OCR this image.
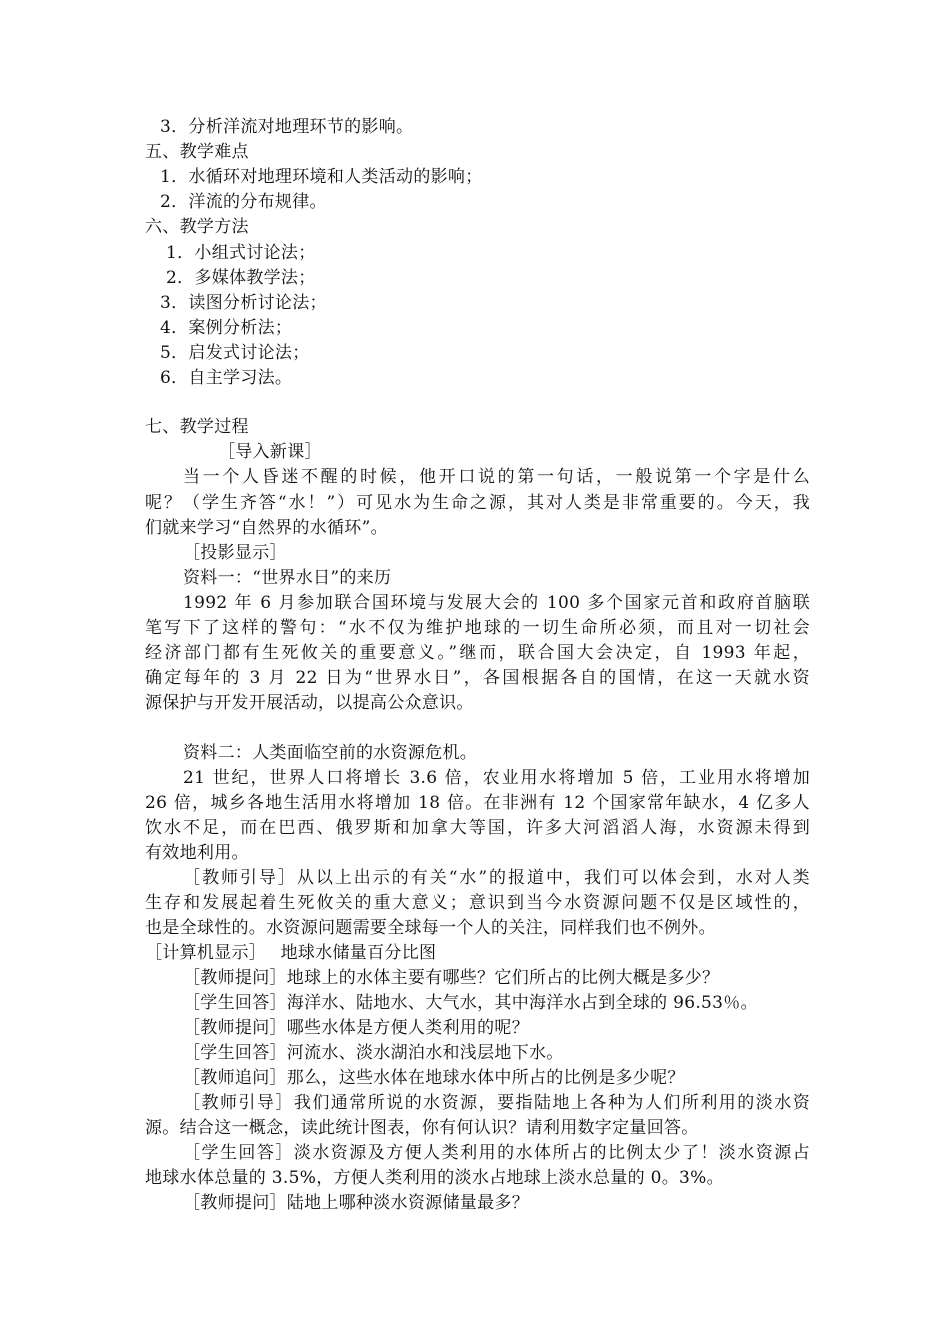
3．分析洋流对地理环节的影响。
五、教学难点
1．水循环对地理环境和人类活动的影响；
2．洋流的分布规律。
六、教学方法
1．小组式讨论法；
2．多媒体教学法；
3．读图分析讨论法；
4．案例分析法；
5．启发式讨论法；
6．自主学习法。
七、教学过程
［导入新课］
当一个人昏迷不醒的时候，他开口说的第一句话，一般说第一个字是什么
呢？（学生齐答“水！”）可见水为生命之源，其对人类是非常重要的。今天，我
们就来学习“自然界的水循环”。
［投影显示］
资料一：“世界水日”的来历
1992 年 6 月参加联合国环境与发展大会的 100 多个国家元首和政府首脑联
笔写下了这样的警句：“水不仅为维护地球的一切生命所必须，而且对一切社会
经济部门都有生死攸关的重要意义。”继而，联合国大会决定，自 1993 年起，
确定每年的 3 月 22 日为“世界水日”，各国根据各自的国情，在这一天就水资
源保护与开发开展活动，以提高公众意识。
资料二：人类面临空前的水资源危机。
21 世纪，世界人口将增长 3.6 倍，农业用水将增加 5 倍，工业用水将增加
26 倍，城乡各地生活用水将增加 18 倍。在非洲有 12 个国家常年缺水，4 亿多人
饮水不足，而在巴西、俄罗斯和加拿大等国，许多大河滔滔人海，水资源未得到
有效地利用。
［教师引导］从以上出示的有关“水”的报道中，我们可以体会到，水对人类
生存和发展起着生死攸关的重大意义；意识到当今水资源问题不仅是区域性的，
也是全球性的。水资源问题需要全球每一个人的关注，同样我们也不例外。
［计算机显示］　 地球水储量百分比图
［教师提问］地球上的水体主要有哪些？它们所占的比例大概是多少？
［学生回答］海洋水、陆地水、大气水，其中海洋水占到全球的 96.53％。
［教师提问］哪些水体是方便人类利用的呢？
［学生回答］河流水、淡水湖泊水和浅层地下水。
［教师追问］那么，这些水体在地球水体中所占的比例是多少呢？
［教师引导］我们通常所说的水资源，要指陆地上各种为人们所利用的淡水资
源。结合这一概念，读此统计图表，你有何认识？请利用数字定量回答。
［学生回答］淡水资源及方便人类利用的水体所占的比例太少了！淡水资源占
地球水体总量的 3.5%，方便人类利用的淡水占地球上淡水总量的 0。3%。
［教师提问］陆地上哪种淡水资源储量最多？
